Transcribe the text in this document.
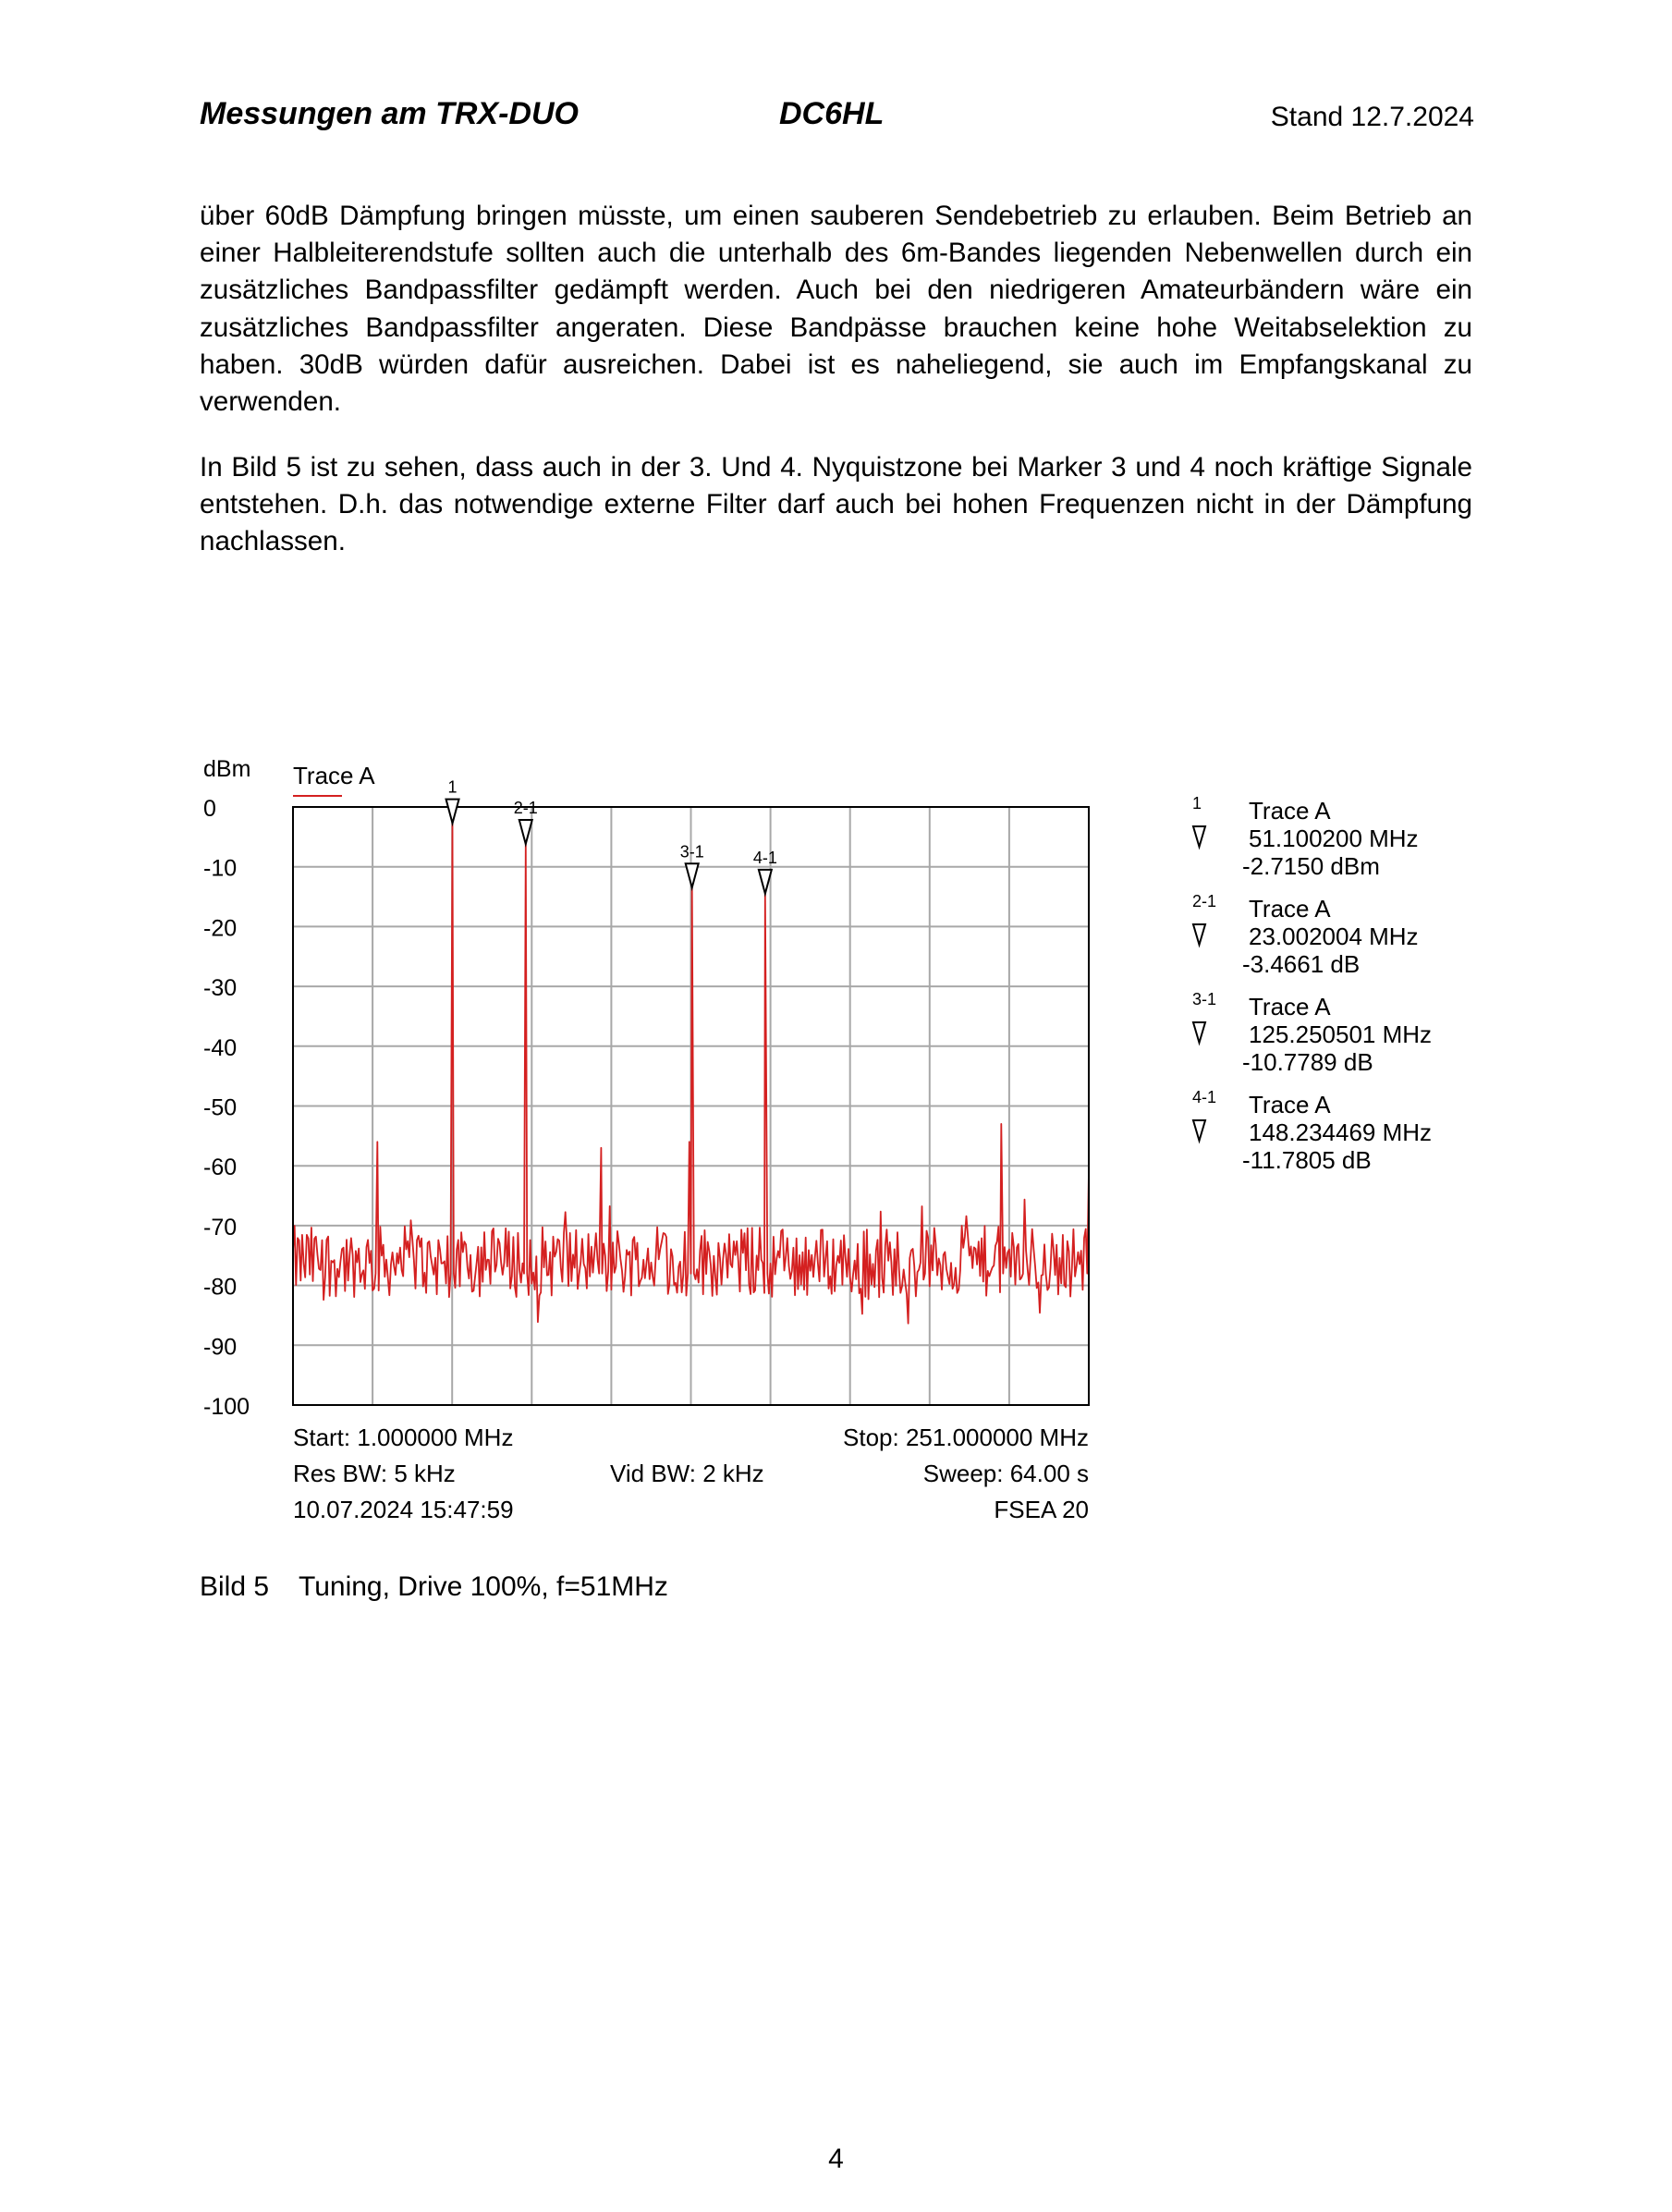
Messungen am TRX-DUO	DC6HL	Stand 12.7.2024
über 60dB Dämpfung bringen müsste, um einen sauberen Sendebetrieb zu erlauben. Beim Betrieb an einer Halbleiterendstufe sollten auch die unterhalb des 6m-Bandes liegenden Nebenwellen durch ein zusätzliches Bandpassfilter gedämpft werden. Auch bei den niedrigeren Amateurbändern wäre ein zusätzliches Bandpassfilter angeraten. Diese Bandpässe brauchen keine hohe Weitabselektion zu haben. 30dB würden dafür ausreichen. Dabei ist es naheliegend, sie auch im Empfangskanal zu verwenden.
In Bild 5 ist zu sehen, dass auch in der 3. Und 4. Nyquistzone bei Marker 3 und 4 noch kräftige Signale entstehen. D.h. das notwendige externe Filter darf auch bei hohen Frequenzen nicht in der Dämpfung nachlassen.
0
-10
-20
-30
-40
-50
-60
-70
-80
-90
-100
dBm Trace A	1
2-1
3-1	4-1
1 Trace A
51.100200 MHz
-2.7150 dBm
2-1 Trace A
23.002004 MHz
-3.4661 dB
3-1 Trace A
125.250501 MHz
-10.7789 dB
4-1 Trace A
148.234469 MHz
-11.7805 dB
Start: 1.000000 MHz	Stop: 251.000000 MHz
Res BW: 5 kHz	Vid BW: 2 kHz	Sweep: 64.00 s
10.07.2024 15:47:59	FSEA 20
Bild 5 Tuning, Drive 100%, f=51MHz
4
